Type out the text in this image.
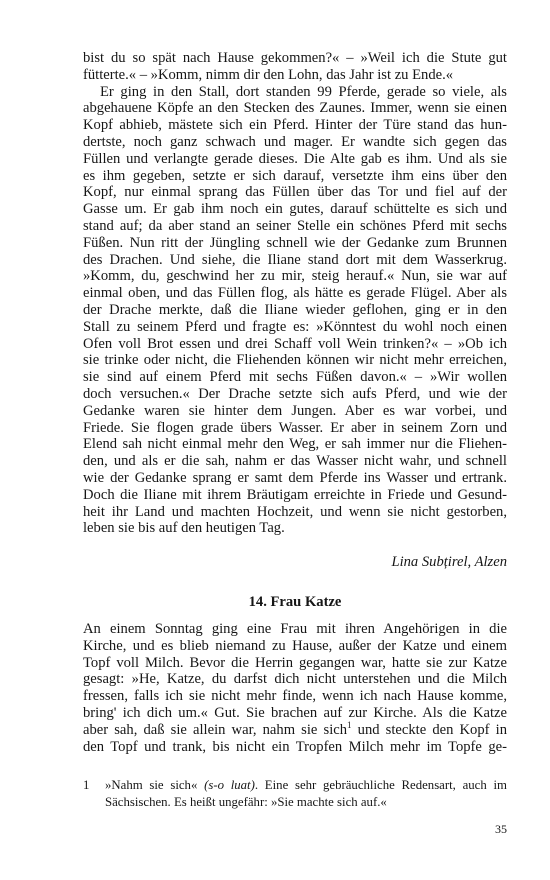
bist du so spät nach Hause gekommen?« – »Weil ich die Stute gut
fütterte.« – »Komm, nimm dir den Lohn, das Jahr ist zu Ende.«
Er ging in den Stall, dort standen 99 Pferde, gerade so viele, als
abgehauene Köpfe an den Stecken des Zaunes. Immer, wenn sie einen
Kopf abhieb, mästete sich ein Pferd. Hinter der Türe stand das hun-
dertste, noch ganz schwach und mager. Er wandte sich gegen das
Füllen und verlangte gerade dieses. Die Alte gab es ihm. Und als sie
es ihm gegeben, setzte er sich darauf, versetzte ihm eins über den
Kopf, nur einmal sprang das Füllen über das Tor und fiel auf der
Gasse um. Er gab ihm noch ein gutes, darauf schüttelte es sich und
stand auf; da aber stand an seiner Stelle ein schönes Pferd mit sechs
Füßen. Nun ritt der Jüngling schnell wie der Gedanke zum Brunnen
des Drachen. Und siehe, die Iliane stand dort mit dem Wasserkrug.
»Komm, du, geschwind her zu mir, steig herauf.« Nun, sie war auf
einmal oben, und das Füllen flog, als hätte es gerade Flügel. Aber als
der Drache merkte, daß die Iliane wieder geflohen, ging er in den
Stall zu seinem Pferd und fragte es: »Könntest du wohl noch einen
Ofen voll Brot essen und drei Schaff voll Wein trinken?« – »Ob ich
sie trinke oder nicht, die Fliehenden können wir nicht mehr erreichen,
sie sind auf einem Pferd mit sechs Füßen davon.« – »Wir wollen
doch versuchen.« Der Drache setzte sich aufs Pferd, und wie der
Gedanke waren sie hinter dem Jungen. Aber es war vorbei, und
Friede. Sie flogen grade übers Wasser. Er aber in seinem Zorn und
Elend sah nicht einmal mehr den Weg, er sah immer nur die Fliehen-
den, und als er die sah, nahm er das Wasser nicht wahr, und schnell
wie der Gedanke sprang er samt dem Pferde ins Wasser und ertrank.
Doch die Iliane mit ihrem Bräutigam erreichte in Friede und Gesund-
heit ihr Land und machten Hochzeit, und wenn sie nicht gestorben,
leben sie bis auf den heutigen Tag.
Lina Subțirel, Alzen
14. Frau Katze
An einem Sonntag ging eine Frau mit ihren Angehörigen in die
Kirche, und es blieb niemand zu Hause, außer der Katze und einem
Topf voll Milch. Bevor die Herrin gegangen war, hatte sie zur Katze
gesagt: »He, Katze, du darfst dich nicht unterstehen und die Milch
fressen, falls ich sie nicht mehr finde, wenn ich nach Hause komme,
bring' ich dich um.« Gut. Sie brachen auf zur Kirche. Als die Katze
aber sah, daß sie allein war, nahm sie sich$^1$ und steckte den Kopf in
den Topf und trank, bis nicht ein Tropfen Milch mehr im Topfe ge-
1	»Nahm sie sich« (s-o luat). Eine sehr gebräuchliche Redensart, auch im
Sächsischen. Es heißt ungefähr: »Sie machte sich auf.«
35
